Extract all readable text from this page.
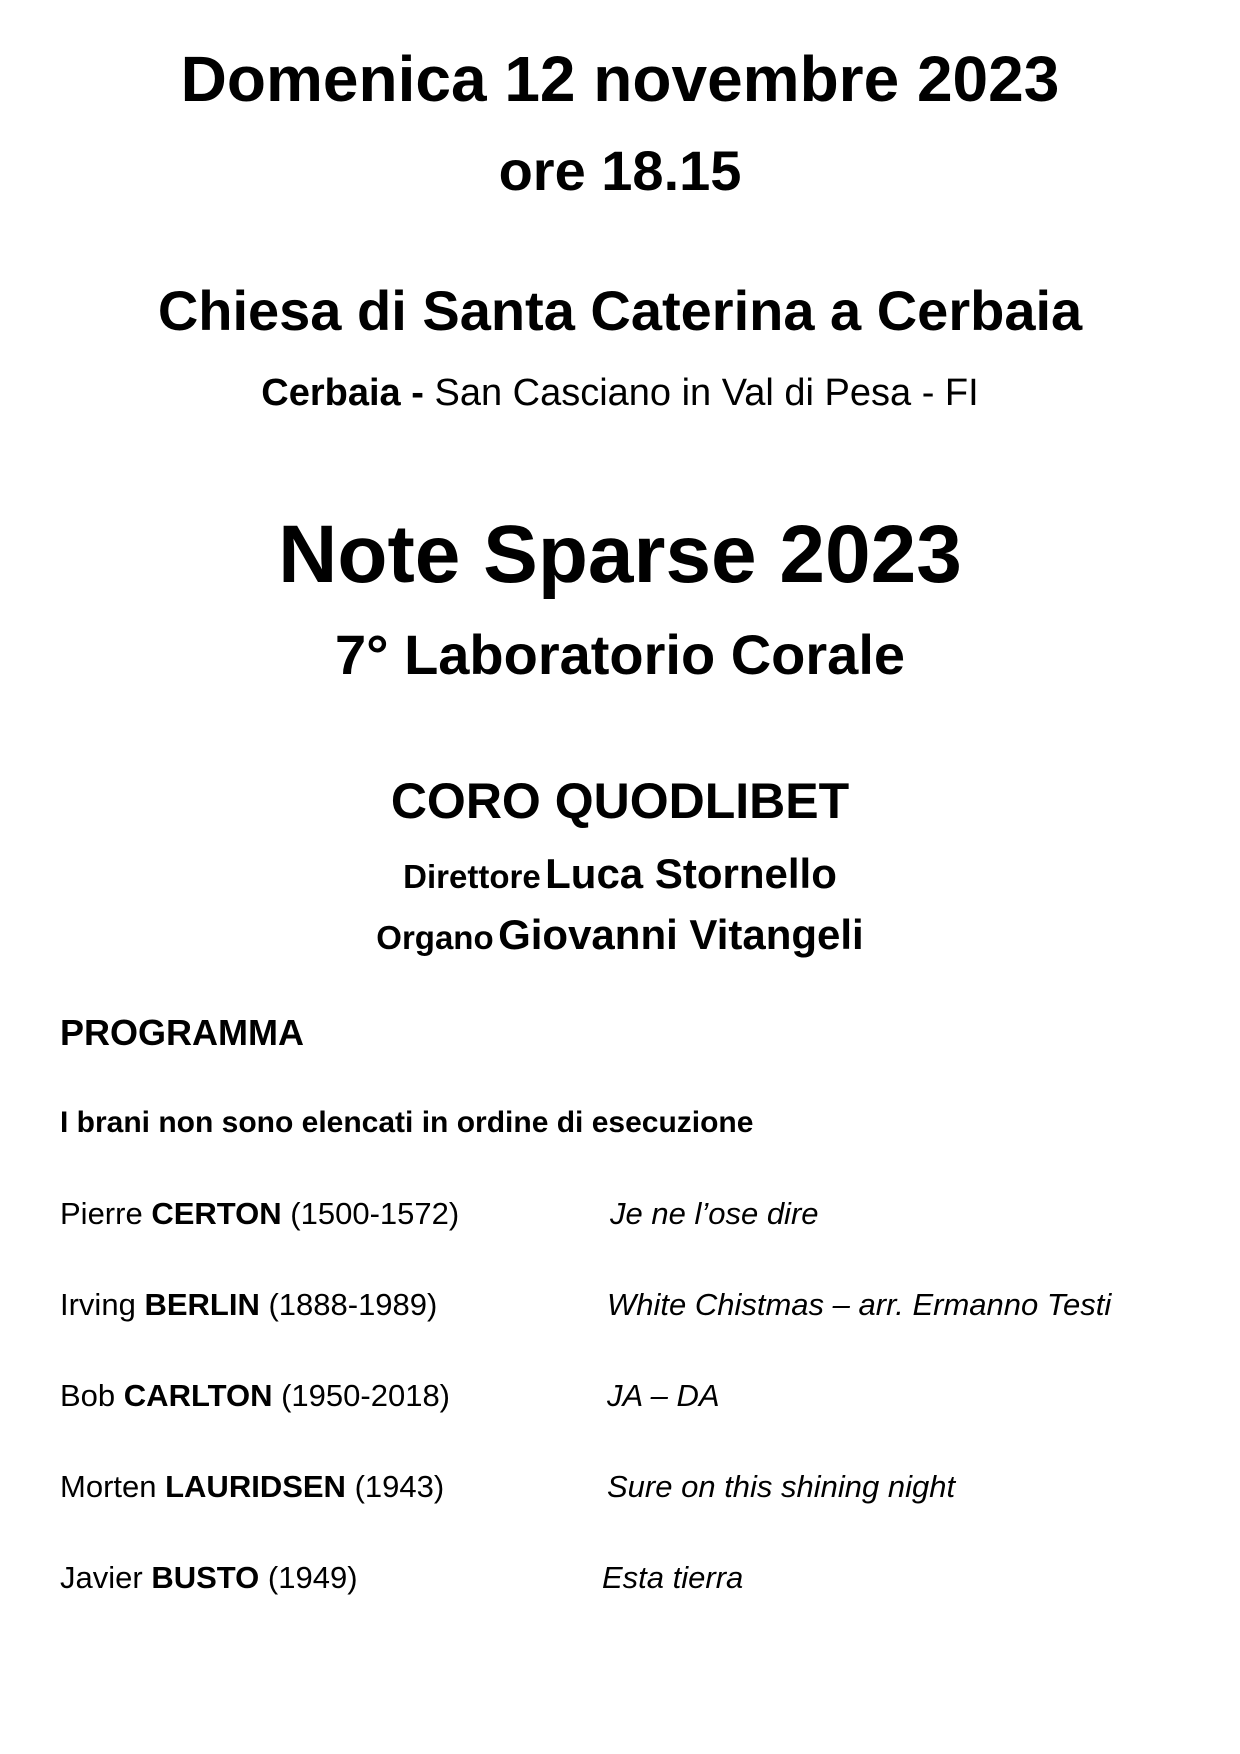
Domenica 12 novembre 2023
ore 18.15
Chiesa di Santa Caterina a Cerbaia
Cerbaia - San Casciano in Val di Pesa - FI
Note Sparse 2023
7° Laboratorio Corale
CORO QUODLIBET
Direttore Luca Stornello
Organo Giovanni Vitangeli
PROGRAMMA
I brani non sono elencati in ordine di esecuzione
Pierre CERTON (1500-1572)	Je ne l’ose dire
Irving BERLIN (1888-1989)	White Chistmas – arr. Ermanno Testi
Bob CARLTON (1950-2018)	JA – DA
Morten LAURIDSEN (1943)	Sure on this shining night
Javier BUSTO (1949)	Esta tierra
